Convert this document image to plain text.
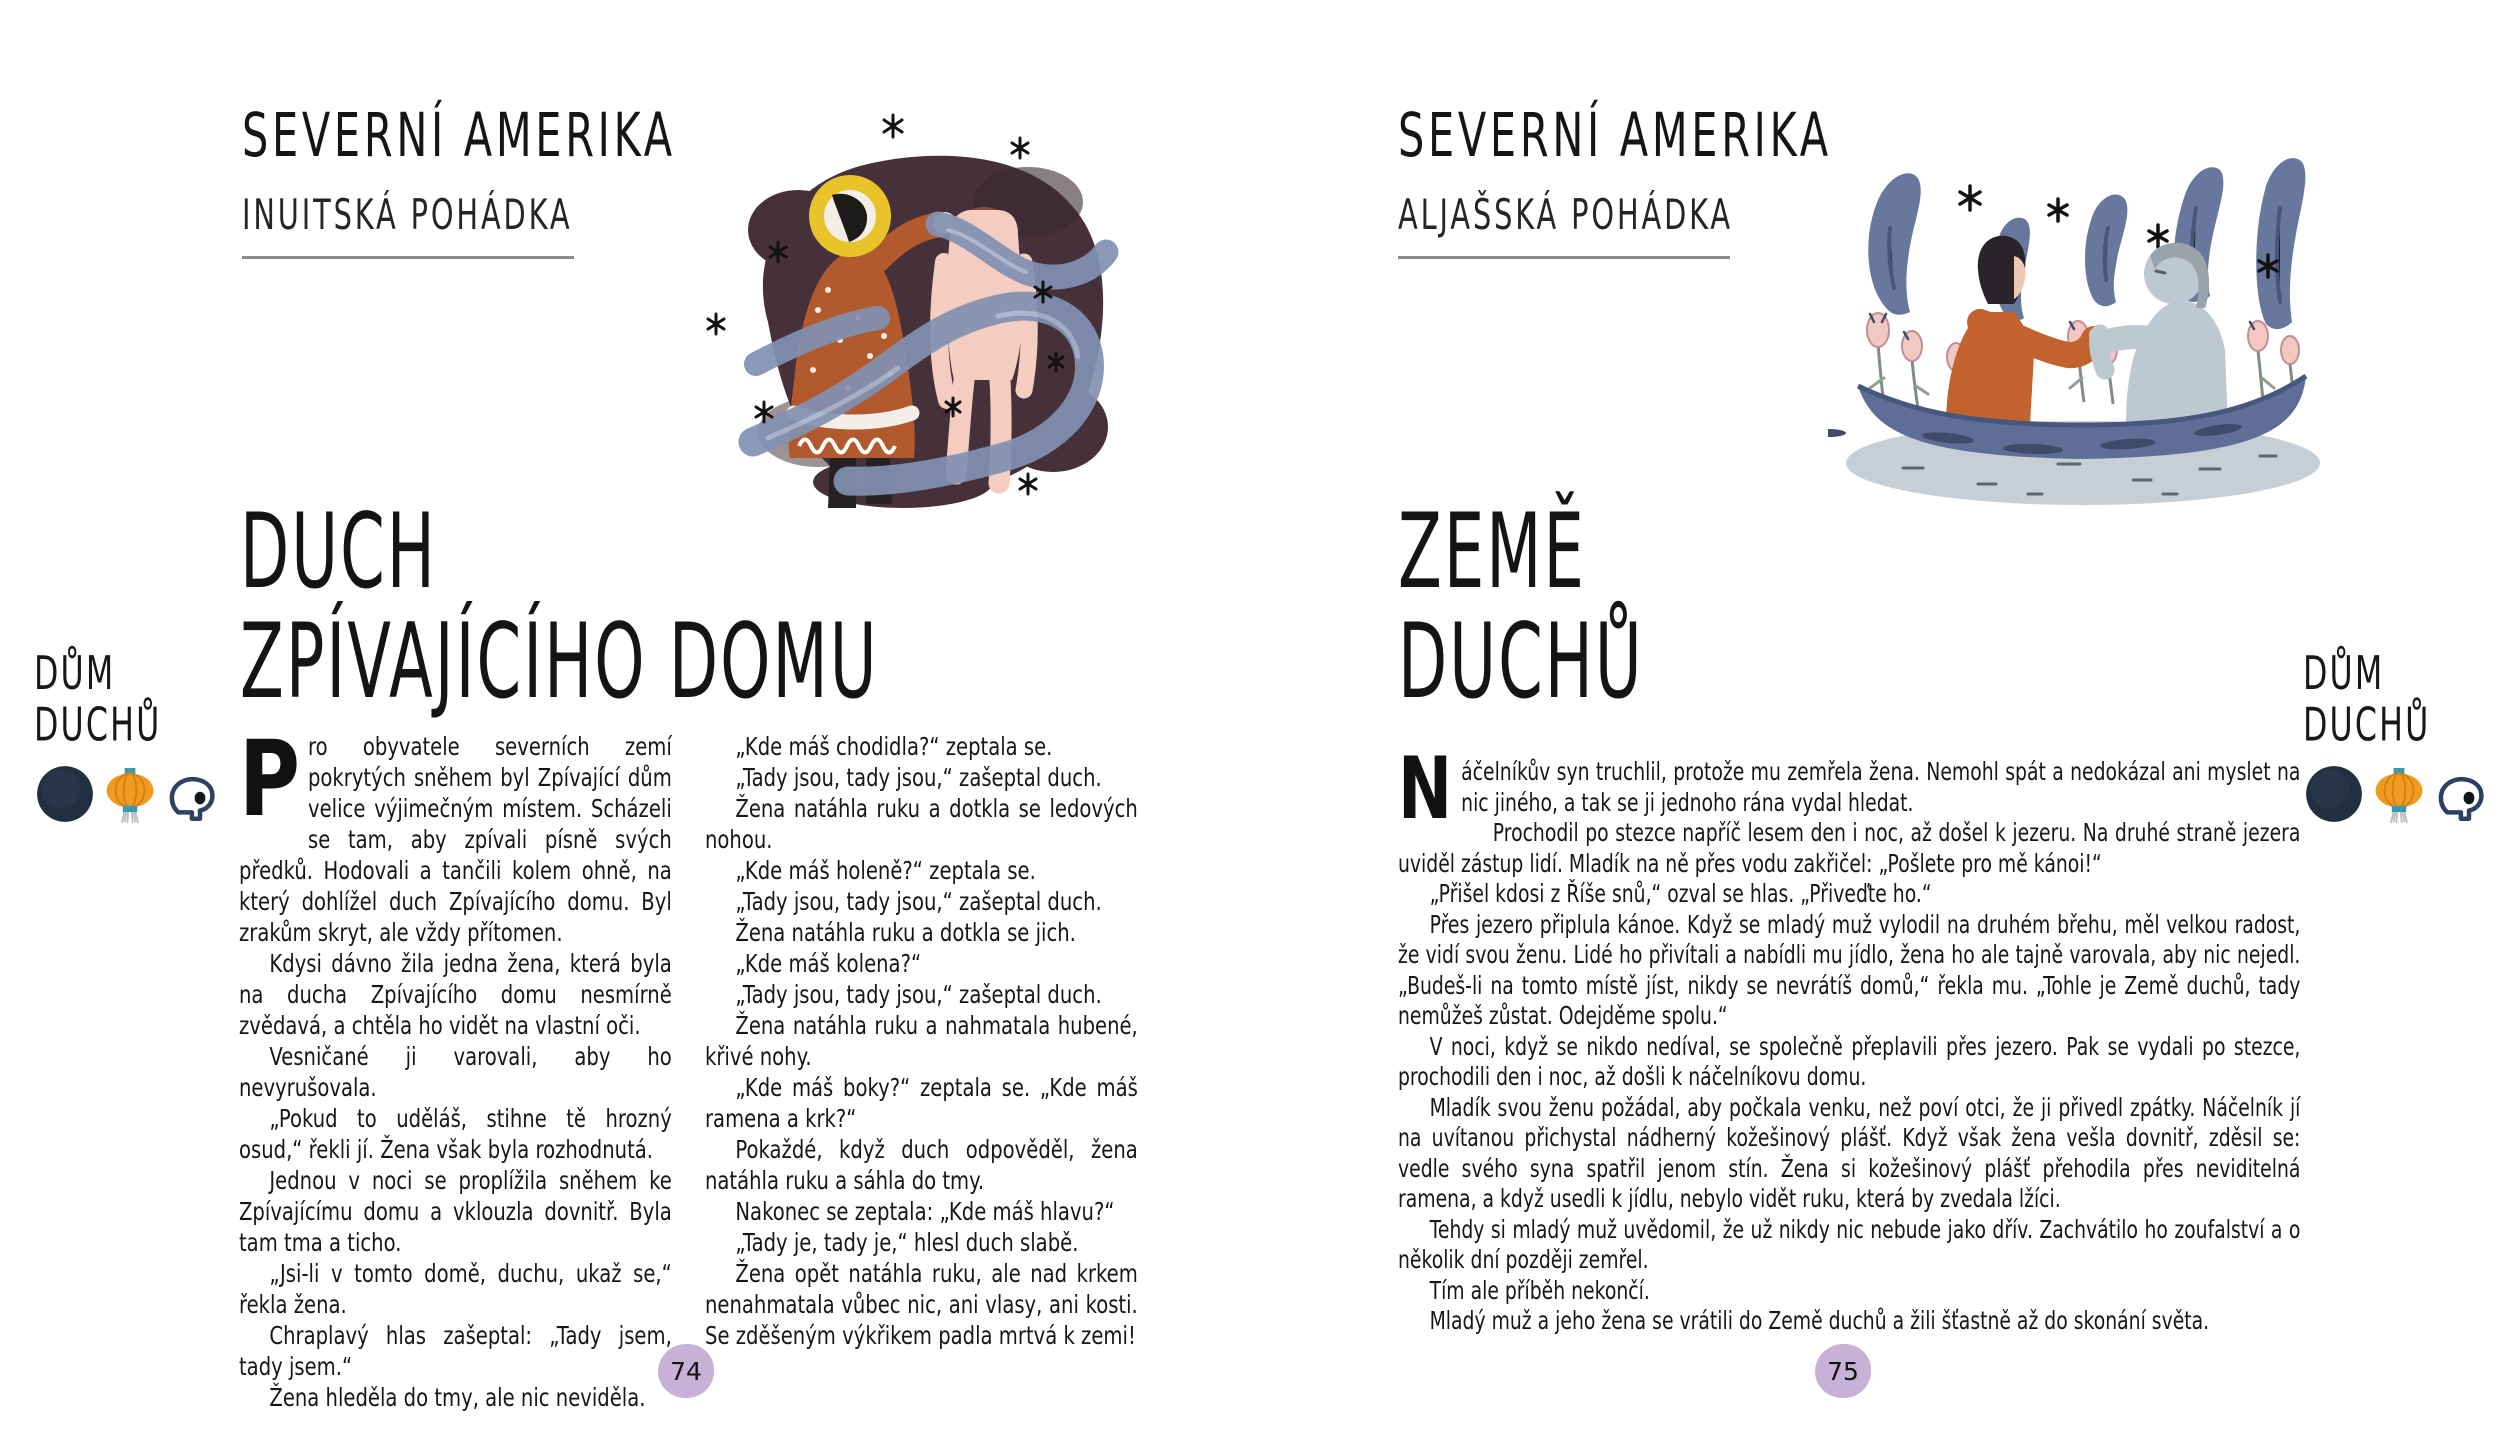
SEVERNÍ AMERIKA
INUITSKÁ POHÁDKA
DUCH
ZPÍVAJÍCÍHO DOMU
DŮM
DUCHŮ Pro obyvatele severních zemí pokrytých sněhem byl Zpívající dům velice výjimečným místem. Scházeli se tam, aby zpívali písně svých předků. Hodovali a tančili kolem ohně, na který dohlížel duch Zpívajícího domu. Byl zrakům skryt, ale vždy přítomen.

Kdysi dávno žila jedna žena, která byla na ducha Zpívajícího domu nesmírně zvědavá, a chtěla ho vidět na vlastní oči.

Vesničané ji varovali, aby ho nevyrušovala.

„Pokud to uděláš, stihne tě hrozný osud,“ řekli jí. Žena však byla rozhodnutá.

Jednou v noci se proplížila sněhem ke Zpívajícímu domu a vklouzla dovnitř. Byla tam tma a ticho.

„Jsi-li v tomto domě, duchu, ukaž se,“ řekla žena.

Chraplavý hlas zašeptal: „Tady jsem, tady jsem.“

Žena hleděla do tmy, ale nic neviděla.

„Kde máš chodidla?“ zeptala se.

„Tady jsou, tady jsou,“ zašeptal duch.

Žena natáhla ruku a dotkla se ledových nohou.

„Kde máš holeně?“ zeptala se.

„Tady jsou, tady jsou,“ zašeptal duch.

Žena natáhla ruku a dotkla se jich.

„Kde máš kolena?“

„Tady jsou, tady jsou,“ zašeptal duch.

Žena natáhla ruku a nahmatala hubené, křivé nohy.

„Kde máš boky?“ zeptala se. „Kde máš ramena a krk?“

Pokaždé, když duch odpověděl, žena natáhla ruku a sáhla do tmy.

Nakonec se zeptala: „Kde máš hlavu?“

„Tady je, tady je,“ hlesl duch slabě.

Žena opět natáhla ruku, ale nad krkem nenahmatala vůbec nic, ani vlasy, ani kosti. Se zděšeným výkřikem padla mrtvá k zemi!

74
SEVERNÍ AMERIKA
ALJAŠSKÁ POHÁDKA
ZEMĚ
DUCHŮ	DŮM
DUCHŮ

Náčelníkův syn truchlil, protože mu zemřela žena. Nemohl spát a nedokázal ani myslet na nic jiného, a tak se ji jednoho rána vydal hledat.

Prochodil po stezce napříč lesem den i noc, až došel k jezeru. Na druhé straně jezera uviděl zástup lidí. Mladík na ně přes vodu zakřičel: „Pošlete pro mě kánoi!“

„Přišel kdosi z Říše snů,“ ozval se hlas. „Přiveďte ho.“

Přes jezero připlula kánoe. Když se mladý muž vylodil na druhém břehu, měl velkou radost, že vidí svou ženu. Lidé ho přivítali a nabídli mu jídlo, žena ho ale tajně varovala, aby nic nejedl. „Budeš-li na tomto místě jíst, nikdy se nevrátíš domů,“ řekla mu. „Tohle je Země duchů, tady nemůžeš zůstat. Odejděme spolu.“

V noci, když se nikdo nedíval, se společně přeplavili přes jezero. Pak se vydali po stezce, prochodili den i noc, až došli k náčelníkovu domu.

Mladík svou ženu požádal, aby počkala venku, než poví otci, že ji přivedl zpátky. Náčelník jí na uvítanou přichystal nádherný kožešinový plášť. Když však žena vešla dovnitř, zděsil se: vedle svého syna spatřil jenom stín. Žena si kožešinový plášť přehodila přes neviditelná ramena, a když usedli k jídlu, nebylo vidět ruku, která by zvedala lžíci.

Tehdy si mladý muž uvědomil, že už nikdy nic nebude jako dřív. Zachvátilo ho zoufalství a o několik dní později zemřel.

Tím ale příběh nekončí.

Mladý muž a jeho žena se vrátili do Země duchů a žili šťastně až do skonání světa.

75
